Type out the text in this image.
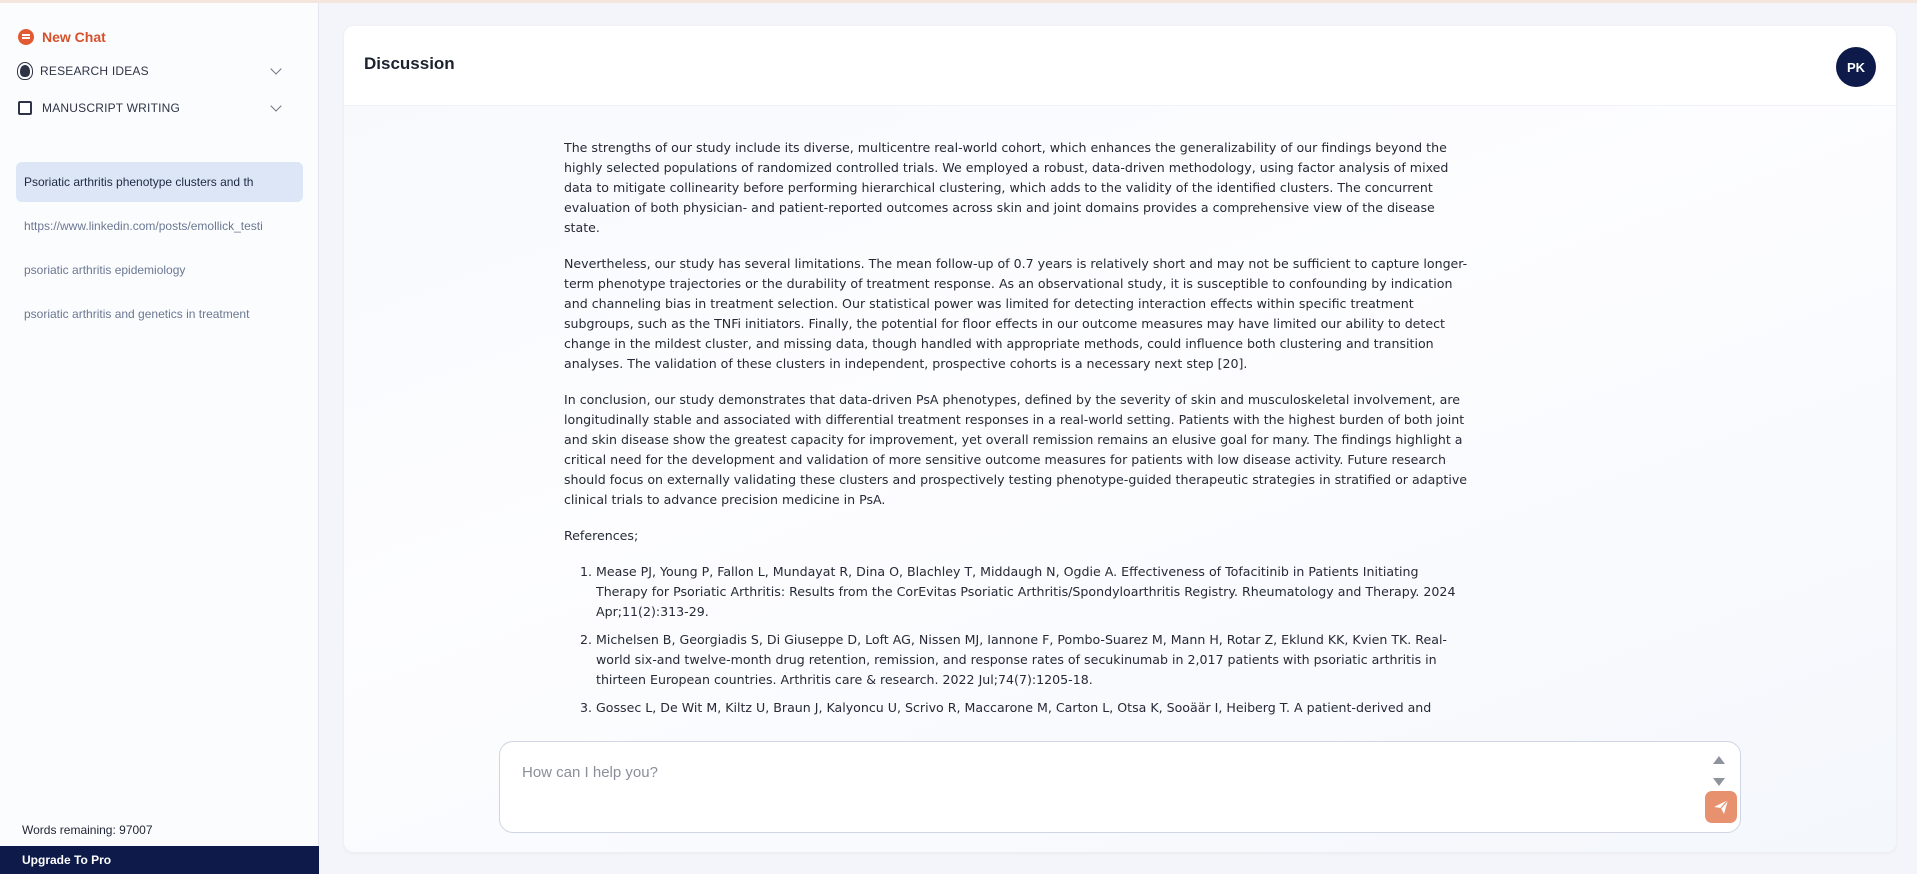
New Chat
RESEARCH IDEAS
MANUSCRIPT WRITING
Psoriatic arthritis phenotype clusters and th
https://www.linkedin.com/posts/emollick_testi
psoriatic arthritis epidemiology
psoriatic arthritis and genetics in treatment
Words remaining: 97007
Upgrade To Pro
Discussion	PK

The strengths of our study include its diverse, multicentre real-world cohort, which enhances the generalizability of our findings beyond the highly selected populations of randomized controlled trials. We employed a robust, data-driven methodology, using factor analysis of mixed data to mitigate collinearity before performing hierarchical clustering, which adds to the validity of the identified clusters. The concurrent evaluation of both physician- and patient-reported outcomes across skin and joint domains provides a comprehensive view of the disease state.

Nevertheless, our study has several limitations. The mean follow-up of 0.7 years is relatively short and may not be sufficient to capture longer-term phenotype trajectories or the durability of treatment response. As an observational study, it is susceptible to confounding by indication and channeling bias in treatment selection. Our statistical power was limited for detecting interaction effects within specific treatment subgroups, such as the TNFi initiators. Finally, the potential for floor effects in our outcome measures may have limited our ability to detect change in the mildest cluster, and missing data, though handled with appropriate methods, could influence both clustering and transition analyses. The validation of these clusters in independent, prospective cohorts is a necessary next step [20].

In conclusion, our study demonstrates that data-driven PsA phenotypes, defined by the severity of skin and musculoskeletal involvement, are longitudinally stable and associated with differential treatment responses in a real-world setting. Patients with the highest burden of both joint and skin disease show the greatest capacity for improvement, yet overall remission remains an elusive goal for many. The findings highlight a critical need for the development and validation of more sensitive outcome measures for patients with low disease activity. Future research should focus on externally validating these clusters and prospectively testing phenotype-guided therapeutic strategies in stratified or adaptive clinical trials to advance precision medicine in PsA.

References;

1. Mease PJ, Young P, Fallon L, Mundayat R, Dina O, Blachley T, Middaugh N, Ogdie A. Effectiveness of Tofacitinib in Patients Initiating Therapy for Psoriatic Arthritis: Results from the CorEvitas Psoriatic Arthritis/Spondyloarthritis Registry. Rheumatology and Therapy. 2024 Apr;11(2):313-29.
2. Michelsen B, Georgiadis S, Di Giuseppe D, Loft AG, Nissen MJ, Iannone F, Pombo-Suarez M, Mann H, Rotar Z, Eklund KK, Kvien TK. Real-world six-and twelve-month drug retention, remission, and response rates of secukinumab in 2,017 patients with psoriatic arthritis in thirteen European countries. Arthritis care & research. 2022 Jul;74(7):1205-18.
3. Gossec L, De Wit M, Kiltz U, Braun J, Kalyoncu U, Scrivo R, Maccarone M, Carton L, Otsa K, Sooäär I, Heiberg T. A patient-derived and
How can I help you?
